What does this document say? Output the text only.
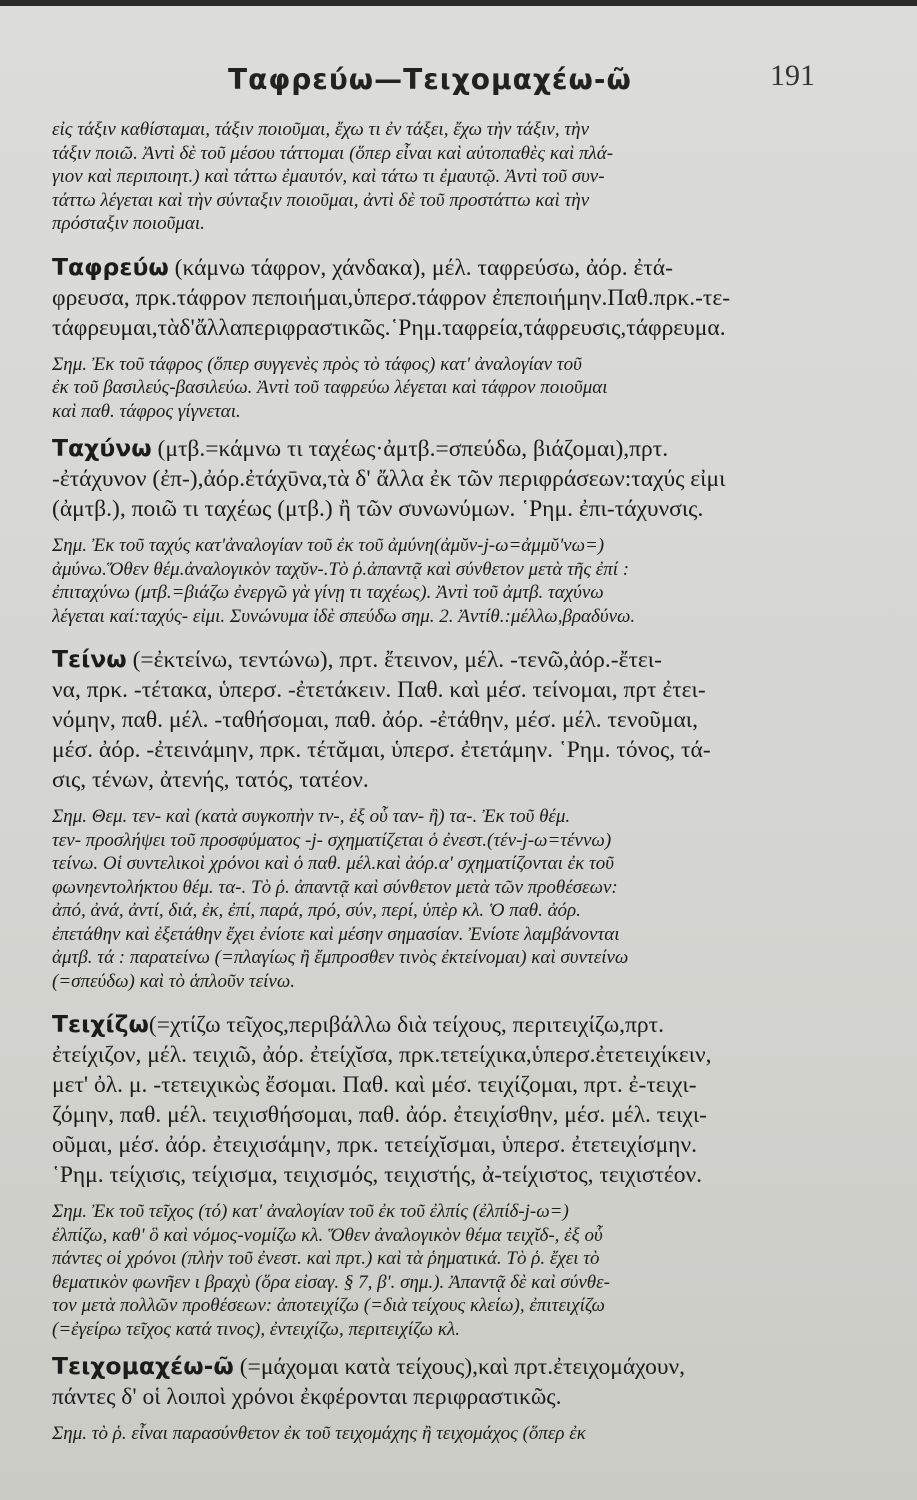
Ταφρεύω—Τειχομαχέω-ῶ	191

εἰς τάξιν καθίσταμαι, τάξιν ποιοῦμαι, ἔχω τι ἐν τάξει, ἔχω τὴν τάξιν, τὴν

τάξιν ποιῶ. Ἀντὶ δὲ τοῦ μέσου τάττομαι (ὅπερ εἶναι καὶ αὐτοπαθὲς καὶ πλά-

γιον καὶ περιποιητ.) καὶ τάττω ἐμαυτόν, καὶ τάτω τι ἐμαυτῷ. Ἀντὶ τοῦ συν-

τάττω λέγεται καὶ τὴν σύνταξιν ποιοῦμαι, ἀντὶ δὲ τοῦ προστάττω καὶ τὴν

πρόσταξιν ποιοῦμαι.

Ταφρεύω (κάμνω τάφρον, χάνδακα), μέλ. ταφρεύσω, ἀόρ. ἐτά-

φρευσα, πρκ.τάφρον πεποιήμαι,ὑπερσ.τάφρον ἐπεποιήμην.Παθ.πρκ.-τε-

τάφρευμαι,τὰδ'ἄλλαπεριφραστικῶς.῾Ρημ.ταφρεία,τάφρευσις,τάφρευμα.

Σημ. Ἐκ τοῦ τάφρος (ὅπερ συγγενὲς πρὸς τὸ τάφος) κατ' ἀναλογίαν τοῦ

ἐκ τοῦ βασιλεύς-βασιλεύω. Ἀντὶ τοῦ ταφρεύω λέγεται καὶ τάφρον ποιοῦμαι

καὶ παθ. τάφρος γίγνεται.

Ταχύνω (μτβ.=κάμνω τι ταχέως·ἀμτβ.=σπεύδω, βιάζομαι),πρτ.

-ἐτάχυνον (ἐπ-),ἀόρ.ἐτάχῡνα,τὰ δ' ἄλλα ἐκ τῶν περιφράσεων:ταχύς εἰμι

(ἀμτβ.), ποιῶ τι ταχέως (μτβ.) ἢ τῶν συνωνύμων. ῾Ρημ. ἐπι-τάχυνσις.

Σημ. Ἐκ τοῦ ταχύς κατ'ἀναλογίαν τοῦ ἐκ τοῦ ἀμύνη(ἀμῠν-j-ω=ἀμμῠ'νω=)

ἀμύνω.Ὅθεν θέμ.ἀναλογικὸν ταχῠν-.Τὸ ῥ.ἀπαντᾷ καὶ σύνθετον μετὰ τῆς ἐπί :

ἐπιταχύνω (μτβ.=βιάζω ἐνεργῶ γὰ γίνῃ τι ταχέως). Ἀντὶ τοῦ ἀμτβ. ταχύνω

λέγεται καί:ταχύς- εἰμι. Συνώνυμα ἰδὲ σπεύδω σημ. 2. Ἀντίθ.:μέλλω,βραδύνω.

Τείνω (=ἐκτείνω, τεντώνω), πρτ. ἔτεινον, μέλ. -τενῶ,ἀόρ.-ἔτει-

να, πρκ. -τέτακα, ὑπερσ. -ἐτετάκειν. Παθ. καὶ μέσ. τείνομαι, πρτ ἐτει-

νόμην, παθ. μέλ. -ταθήσομαι, παθ. ἀόρ. -ἐτάθην, μέσ. μέλ. τενοῦμαι,

μέσ. ἀόρ. -ἐτεινάμην, πρκ. τέτᾰμαι, ὑπερσ. ἐτετάμην. ῾Ρημ. τόνος, τά-

σις, τένων, ἀτενής, τατός, τατέον.

Σημ. Θεμ. τεν- καὶ (κατὰ συγκοπὴν τν-, ἐξ οὗ ταν- ἢ) τα-. Ἐκ τοῦ θέμ.

τεν- προσλήψει τοῦ προσφύματος -j- σχηματίζεται ὁ ἐνεστ.(τέν-j-ω=τέννω)

τείνω. Οἱ συντελικοὶ χρόνοι καὶ ὁ παθ. μέλ.καὶ ἀόρ.α' σχηματίζονται ἐκ τοῦ

φωνηεντολήκτου θέμ. τα-. Τὸ ῥ. ἀπαντᾷ καὶ σύνθετον μετὰ τῶν προθέσεων:

ἀπό, ἀνά, ἀντί, διά, ἐκ, ἐπί, παρά, πρό, σύν, περί, ὑπὲρ κλ. Ὁ παθ. ἀόρ.

ἐπετάθην καὶ ἐξετάθην ἔχει ἐνίοτε καὶ μέσην σημασίαν. Ἐνίοτε λαμβάνονται

ἀμτβ. τά : παρατείνω (=πλαγίως ἢ ἔμπροσθεν τινὸς ἐκτείνομαι) καὶ συντείνω

(=σπεύδω) καὶ τὸ ἁπλοῦν τείνω.

Τειχίζω(=χτίζω τεῖχος,περιβάλλω διὰ τείχους, περιτειχίζω,πρτ.

ἐτείχιζον, μέλ. τειχιῶ, ἀόρ. ἐτείχῐσα, πρκ.τετείχικα,ὑπερσ.ἐτετειχίκειν,

μετ' ὀλ. μ. -τετειχικὼς ἔσομαι. Παθ. καὶ μέσ. τειχίζομαι, πρτ. ἐ-τειχι-

ζόμην, παθ. μέλ. τειχισθήσομαι, παθ. ἀόρ. ἐτειχίσθην, μέσ. μέλ. τειχι-

οῦμαι, μέσ. ἀόρ. ἐτειχισάμην, πρκ. τετείχῐσμαι, ὑπερσ. ἐτετειχίσμην.

῾Ρημ. τείχισις, τείχισμα, τειχισμός, τειχιστής, ἀ-τείχιστος, τειχιστέον.

Σημ. Ἐκ τοῦ τεῖχος (τό) κατ' ἀναλογίαν τοῦ ἐκ τοῦ ἐλπίς (ἐλπίδ-j-ω=)

ἐλπίζω, καθ' ὃ καὶ νόμος-νομίζω κλ. Ὅθεν ἀναλογικὸν θέμα τειχῐδ-, ἐξ οὗ

πάντες οἱ χρόνοι (πλὴν τοῦ ἐνεστ. καὶ πρτ.) καὶ τὰ ῥηματικά. Τὸ ῥ. ἔχει τὸ

θεματικὸν φωνῆεν ι βραχὺ (ὅρα εἰσαγ. § 7, β'. σημ.). Ἀπαντᾷ δὲ καὶ σύνθε-

τον μετὰ πολλῶν προθέσεων: ἀποτειχίζω (=διὰ τείχους κλείω), ἐπιτειχίζω

(=ἐγείρω τεῖχος κατά τινος), ἐντειχίζω, περιτειχίζω κλ.

Τειχομαχέω-ῶ (=μάχομαι κατὰ τείχους),καὶ πρτ.ἐτειχομάχουν,

πάντες δ' οἱ λοιποὶ χρόνοι ἐκφέρονται περιφραστικῶς.

Σημ. τὸ ῥ. εἶναι παρασύνθετον ἐκ τοῦ τειχομάχης ἢ τειχομάχος (ὅπερ ἐκ
